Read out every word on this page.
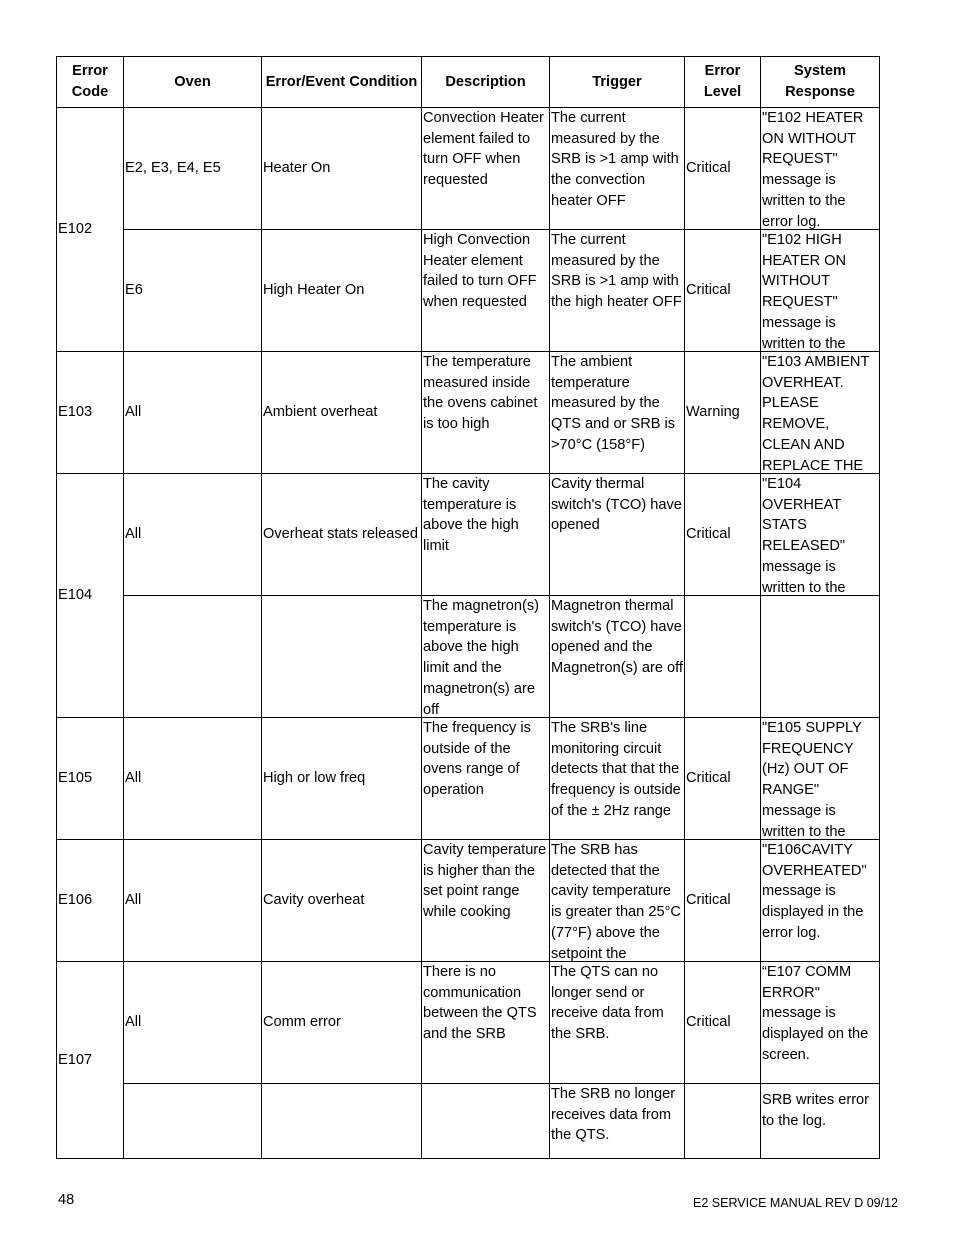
Error Code	Oven	Error/Event Condition	Description	Trigger	Error Level	System Response
E102	E2, E3, E4, E5	Heater On	Convection Heater element failed to turn OFF when requested	The current measured by the SRB is >1 amp with the convection heater OFF	Critical	"E102 HEATER ON WITHOUT REQUEST" message is written to the error log.

	E6	High Heater On	High Convection Heater element failed to turn OFF when requested	The current measured by the SRB is >1 amp with the high heater OFF	Critical	"E102 HIGH HEATER ON WITHOUT REQUEST" message is written to the

E103	All	Ambient overheat	The temperature measured inside the ovens cabinet is too high	The ambient temperature measured by the QTS and or SRB is >70°C (158°F)	Warning	"E103 AMBIENT OVERHEAT. PLEASE REMOVE, CLEAN AND REPLACE THE

E104	All	Overheat stats released	The cavity temperature is above the high limit	Cavity thermal switch's (TCO) have opened	Critical	"E104 OVERHEAT STATS RELEASED" message is written to the

			The magnetron(s) temperature is above the high limit and the magnetron(s) are off	Magnetron thermal switch's (TCO) have opened and the Magnetron(s) are off		

E105	All	High or low freq	The frequency is outside of the ovens range of operation	The SRB's line monitoring circuit detects that that the frequency is outside of the ± 2Hz range	Critical	"E105 SUPPLY FREQUENCY (Hz) OUT OF RANGE" message is written to the

E106	All	Cavity overheat	Cavity temperature is higher than the set point range while cooking	The SRB has detected that the cavity temperature is greater than 25°C (77°F) above the setpoint the	Critical	"E106CAVITY OVERHEATED" message is displayed in the error log.

E107	All	Comm error	There is no communication between the QTS and the SRB	The QTS can no longer send or receive data from the SRB.	Critical	“E107 COMM ERROR" message is displayed on the screen.

				The SRB no longer receives data from the QTS.		SRB writes error to the log.
48	E2 SERVICE MANUAL REV D 09/12
